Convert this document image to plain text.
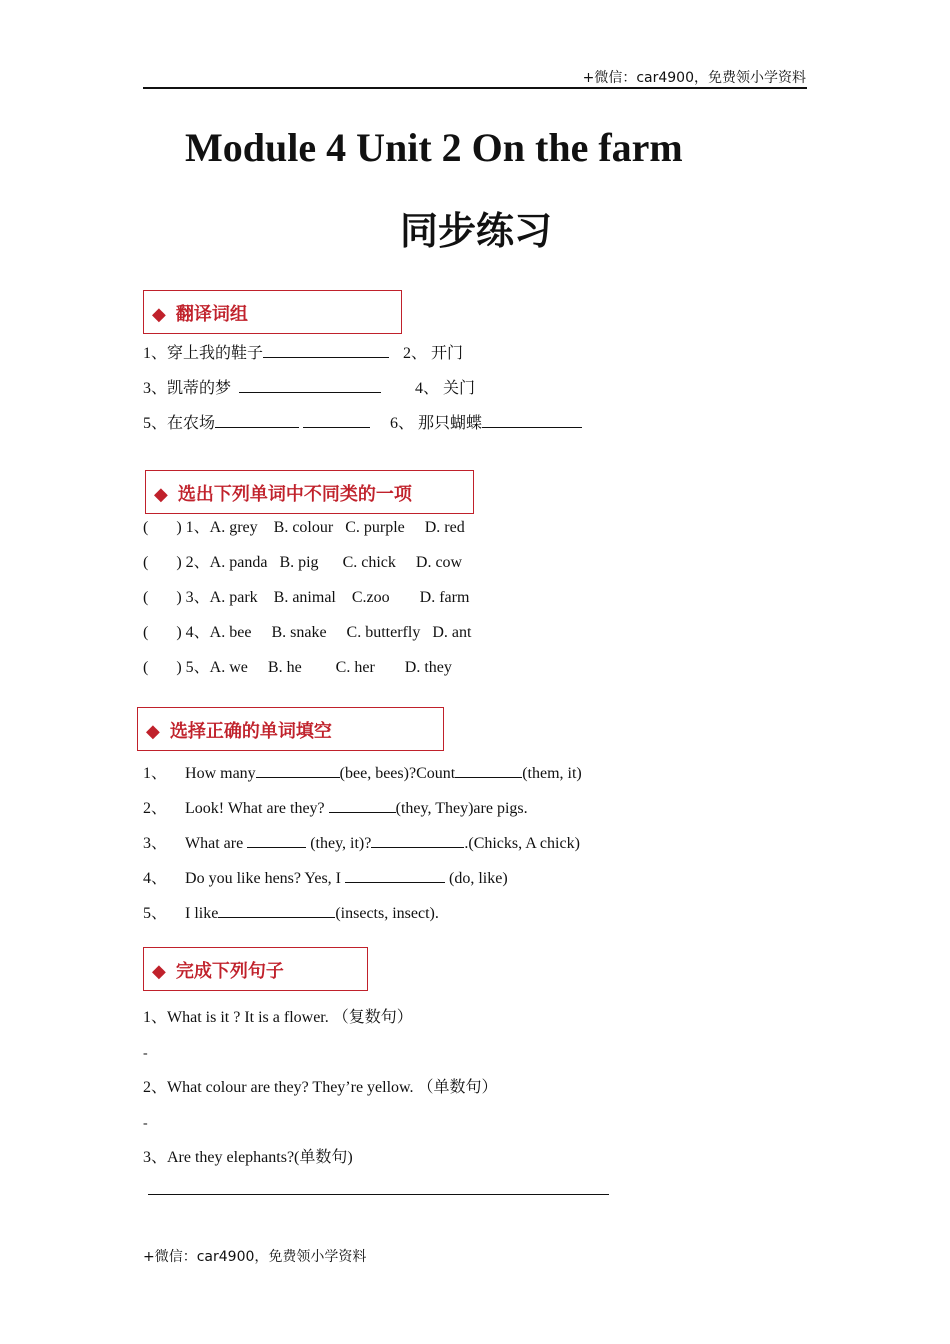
+微信：car4900，免费领小学资料
Module 4 Unit 2 On the farm
同步练习
◆ 翻译词组
1、穿上我的鞋子	2、 开门
3、凯蒂的梦	4、 关门
5、在农场	6、 那只蝴蝶
◆ 选出下列单词中不同类的一项
( ) 1、A. grey B. colour C. purple D. red
( ) 2、A. panda B. pig C. chick D. cow
( ) 3、A. park B. animal C.zoo D. farm
( ) 4、A. bee B. snake C. butterfly D. ant
( ) 5、A. we B. he C. her D. they
◆ 选择正确的单词填空
1、 How many	(bee, bees)?Count	(them, it)
2、 Look! What are they?	(they, They)are pigs.
3、 What are	(they, it)?	.(Chicks, A chick)
4、 Do you like hens? Yes, I	(do, like)
5、 I like	(insects, insect).
◆ 完成下列句子
1、What is it ? It is a flower. （复数句）
-
2、What colour are they? They’re yellow. （单数句）
-
3、Are they elephants?(单数句)
+微信：car4900，免费领小学资料
